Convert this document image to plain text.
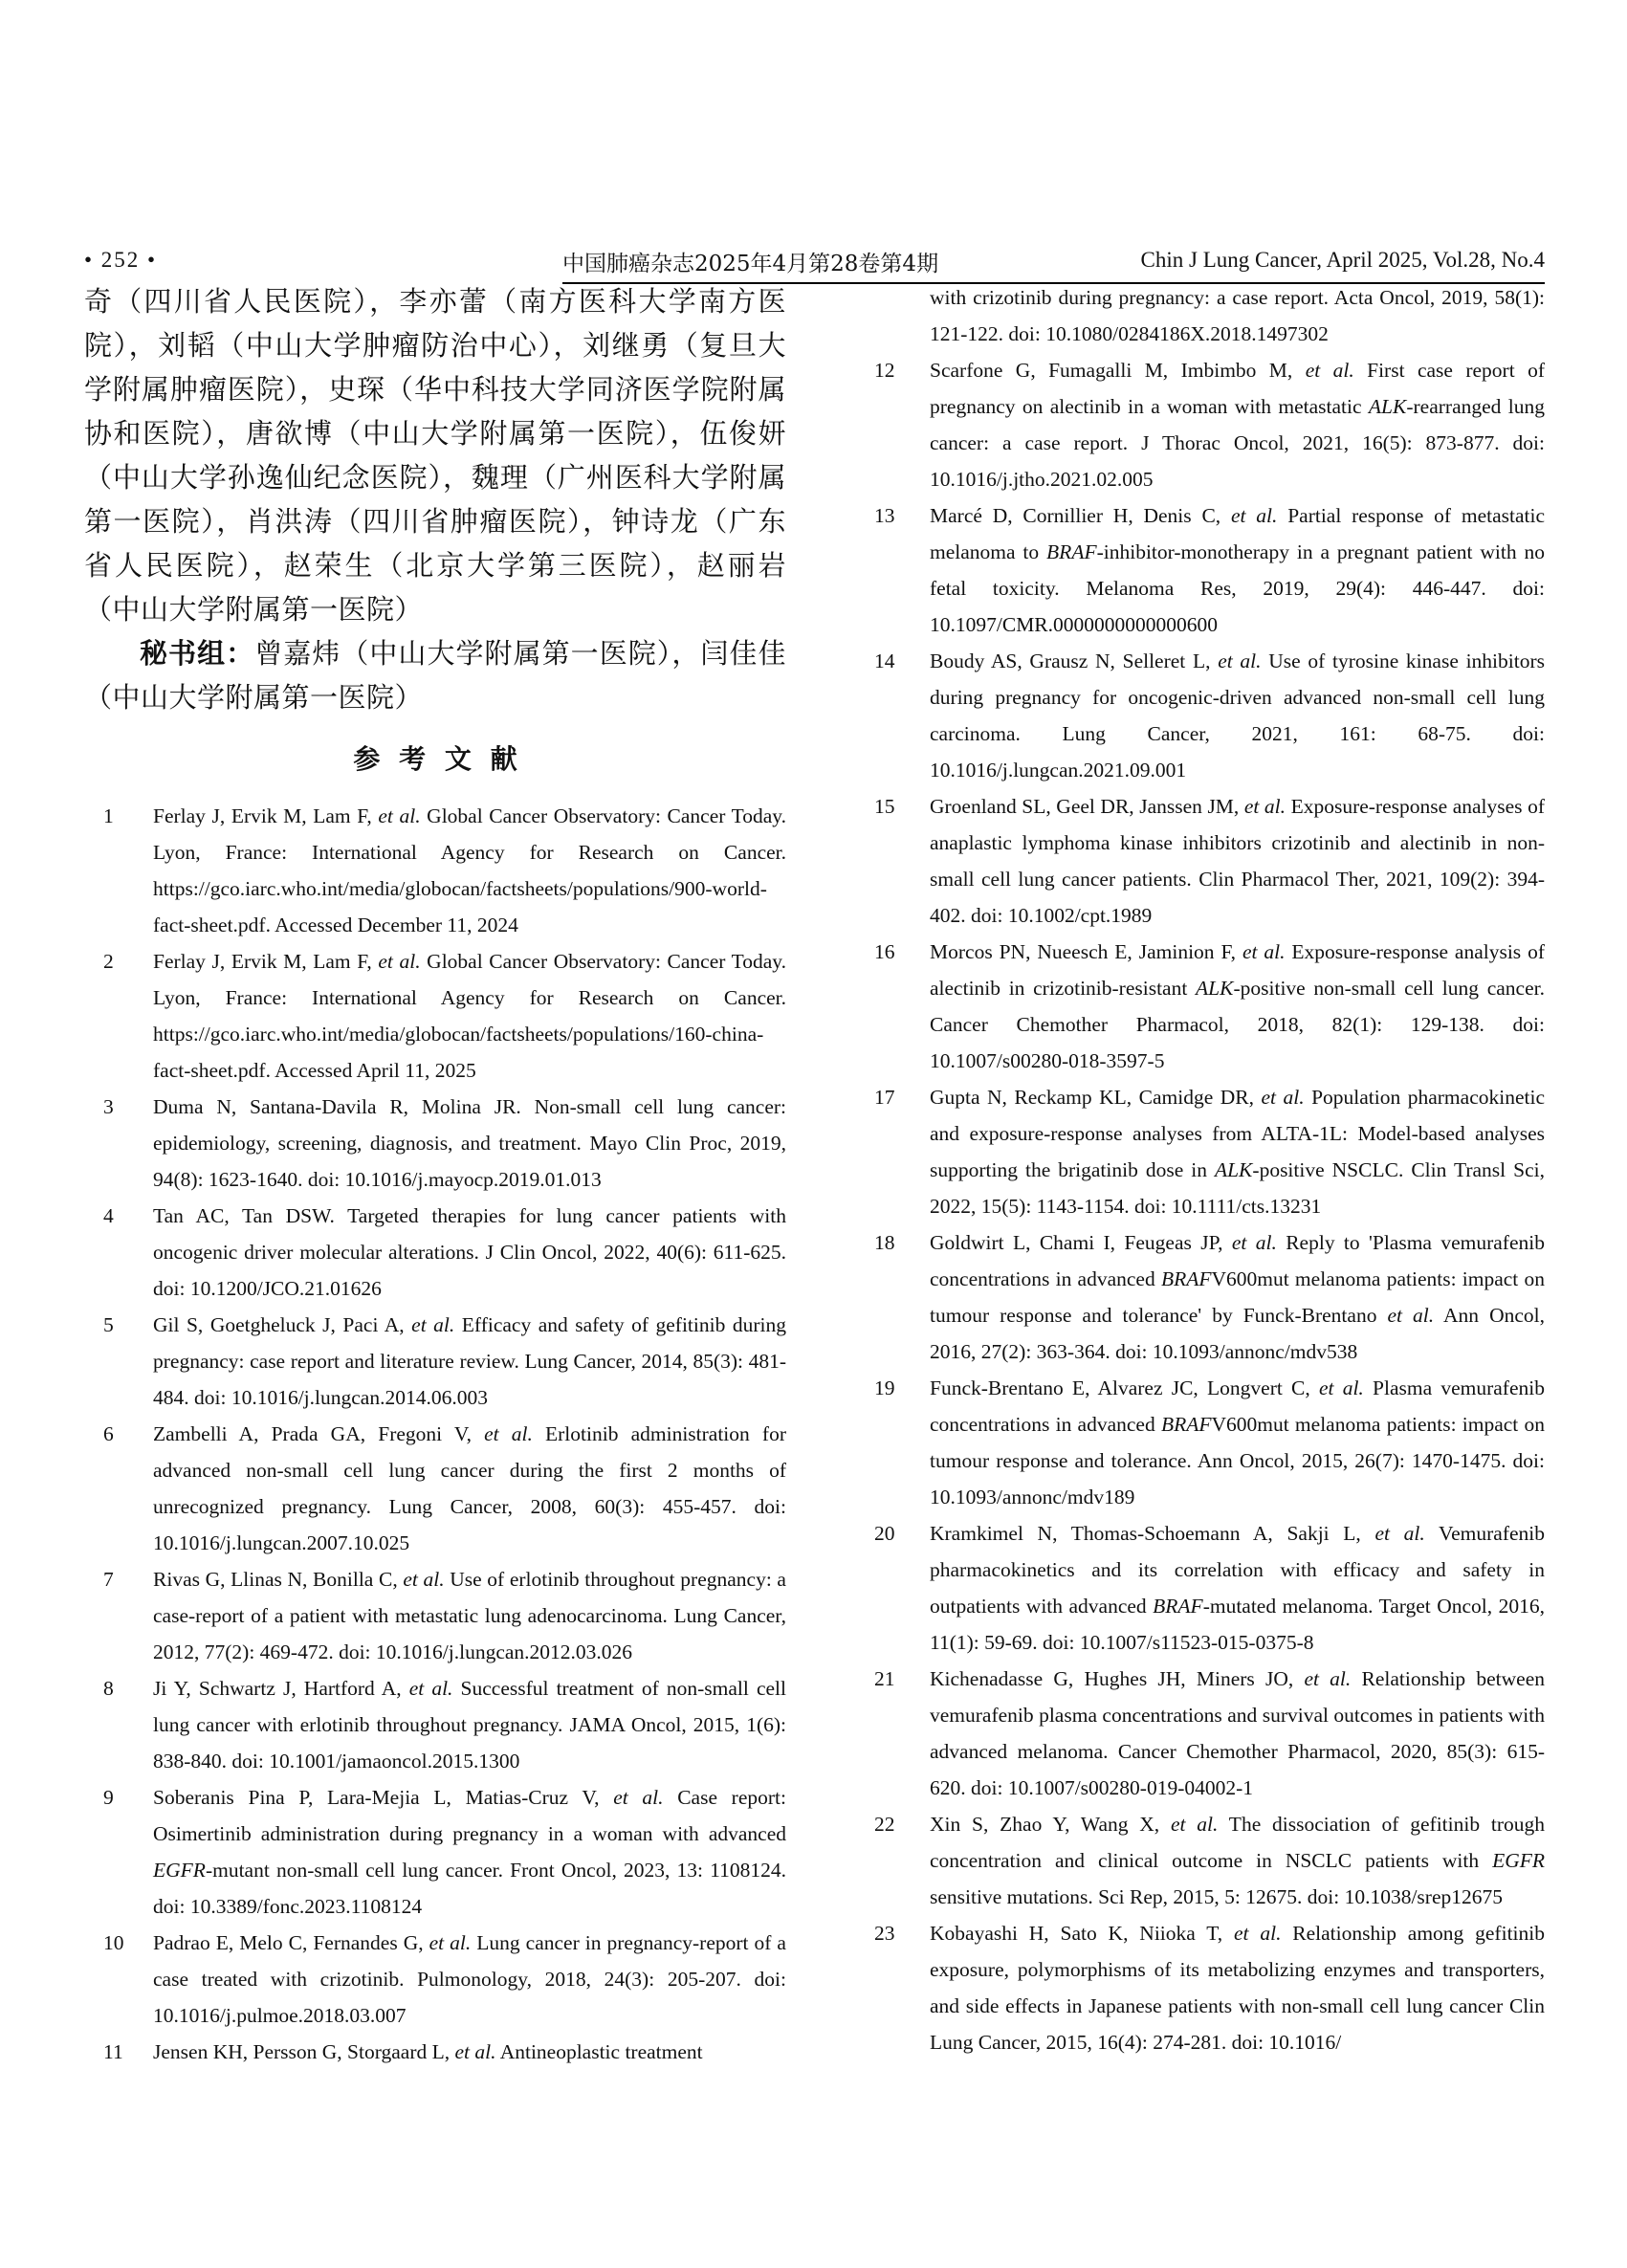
• 252 •	中国肺癌杂志2025年4月第28卷第4期	Chin J Lung Cancer, April 2025, Vol.28, No.4

奇（四川省人民医院），李亦蕾（南方医科大学南方医院），刘韬（中山大学肿瘤防治中心），刘继勇（复旦大学附属肿瘤医院），史琛（华中科技大学同济医学院附属协和医院），唐欲博（中山大学附属第一医院），伍俊妍（中山大学孙逸仙纪念医院），魏理（广州医科大学附属第一医院），肖洪涛（四川省肿瘤医院），钟诗龙（广东省人民医院），赵荣生（北京大学第三医院），赵丽岩（中山大学附属第一医院）

秘书组：曾嘉炜（中山大学附属第一医院），闫佳佳（中山大学附属第一医院）

参 考 文 献
1 Ferlay J, Ervik M, Lam F, et al. Global Cancer Observatory: Cancer Today. Lyon, France: International Agency for Research on Cancer. https://gco.iarc.who.int/media/globocan/factsheets/populations/900-world-fact-sheet.pdf. Accessed December 11, 2024
2 Ferlay J, Ervik M, Lam F, et al. Global Cancer Observatory: Cancer Today. Lyon, France: International Agency for Research on Cancer. https://gco.iarc.who.int/media/globocan/factsheets/populations/160-china-fact-sheet.pdf. Accessed April 11, 2025
3 Duma N, Santana-Davila R, Molina JR. Non-small cell lung cancer: epidemiology, screening, diagnosis, and treatment. Mayo Clin Proc, 2019, 94(8): 1623-1640. doi: 10.1016/j.mayocp.2019.01.013
4 Tan AC, Tan DSW. Targeted therapies for lung cancer patients with oncogenic driver molecular alterations. J Clin Oncol, 2022, 40(6): 611-625. doi: 10.1200/JCO.21.01626
5 Gil S, Goetgheluck J, Paci A, et al. Efficacy and safety of gefitinib during pregnancy: case report and literature review. Lung Cancer, 2014, 85(3): 481-484. doi: 10.1016/j.lungcan.2014.06.003
6 Zambelli A, Prada GA, Fregoni V, et al. Erlotinib administration for advanced non-small cell lung cancer during the first 2 months of unrecognized pregnancy. Lung Cancer, 2008, 60(3): 455-457. doi: 10.1016/j.lungcan.2007.10.025
7 Rivas G, Llinas N, Bonilla C, et al. Use of erlotinib throughout pregnancy: a case-report of a patient with metastatic lung adenocarcinoma. Lung Cancer, 2012, 77(2): 469-472. doi: 10.1016/j.lungcan.2012.03.026
8 Ji Y, Schwartz J, Hartford A, et al. Successful treatment of non-small cell lung cancer with erlotinib throughout pregnancy. JAMA Oncol, 2015, 1(6): 838-840. doi: 10.1001/jamaoncol.2015.1300
9 Soberanis Pina P, Lara-Mejia L, Matias-Cruz V, et al. Case report: Osimertinib administration during pregnancy in a woman with advanced EGFR-mutant non-small cell lung cancer. Front Oncol, 2023, 13: 1108124. doi: 10.3389/fonc.2023.1108124
10 Padrao E, Melo C, Fernandes G, et al. Lung cancer in pregnancy-report of a case treated with crizotinib. Pulmonology, 2018, 24(3): 205-207. doi: 10.1016/j.pulmoe.2018.03.007
11 Jensen KH, Persson G, Storgaard L, et al. Antineoplastic treatment
with crizotinib during pregnancy: a case report. Acta Oncol, 2019, 58(1): 121-122. doi: 10.1080/0284186X.2018.1497302
12 Scarfone G, Fumagalli M, Imbimbo M, et al. First case report of pregnancy on alectinib in a woman with metastatic ALK-rearranged lung cancer: a case report. J Thorac Oncol, 2021, 16(5): 873-877. doi: 10.1016/j.jtho.2021.02.005
13 Marcé D, Cornillier H, Denis C, et al. Partial response of metastatic melanoma to BRAF-inhibitor-monotherapy in a pregnant patient with no fetal toxicity. Melanoma Res, 2019, 29(4): 446-447. doi: 10.1097/CMR.0000000000000600
14 Boudy AS, Grausz N, Selleret L, et al. Use of tyrosine kinase inhibitors during pregnancy for oncogenic-driven advanced non-small cell lung carcinoma. Lung Cancer, 2021, 161: 68-75. doi: 10.1016/j.lungcan.2021.09.001
15 Groenland SL, Geel DR, Janssen JM, et al. Exposure-response analyses of anaplastic lymphoma kinase inhibitors crizotinib and alectinib in non-small cell lung cancer patients. Clin Pharmacol Ther, 2021, 109(2): 394-402. doi: 10.1002/cpt.1989
16 Morcos PN, Nueesch E, Jaminion F, et al. Exposure-response analysis of alectinib in crizotinib-resistant ALK-positive non-small cell lung cancer. Cancer Chemother Pharmacol, 2018, 82(1): 129-138. doi: 10.1007/s00280-018-3597-5
17 Gupta N, Reckamp KL, Camidge DR, et al. Population pharmacokinetic and exposure-response analyses from ALTA-1L: Model-based analyses supporting the brigatinib dose in ALK-positive NSCLC. Clin Transl Sci, 2022, 15(5): 1143-1154. doi: 10.1111/cts.13231
18 Goldwirt L, Chami I, Feugeas JP, et al. Reply to 'Plasma vemurafenib concentrations in advanced BRAFV600mut melanoma patients: impact on tumour response and tolerance' by Funck-Brentano et al. Ann Oncol, 2016, 27(2): 363-364. doi: 10.1093/annonc/mdv538
19 Funck-Brentano E, Alvarez JC, Longvert C, et al. Plasma vemurafenib concentrations in advanced BRAFV600mut melanoma patients: impact on tumour response and tolerance. Ann Oncol, 2015, 26(7): 1470-1475. doi: 10.1093/annonc/mdv189
20 Kramkimel N, Thomas-Schoemann A, Sakji L, et al. Vemurafenib pharmacokinetics and its correlation with efficacy and safety in outpatients with advanced BRAF-mutated melanoma. Target Oncol, 2016, 11(1): 59-69. doi: 10.1007/s11523-015-0375-8
21 Kichenadasse G, Hughes JH, Miners JO, et al. Relationship between vemurafenib plasma concentrations and survival outcomes in patients with advanced melanoma. Cancer Chemother Pharmacol, 2020, 85(3): 615-620. doi: 10.1007/s00280-019-04002-1
22 Xin S, Zhao Y, Wang X, et al. The dissociation of gefitinib trough concentration and clinical outcome in NSCLC patients with EGFR sensitive mutations. Sci Rep, 2015, 5: 12675. doi: 10.1038/srep12675
23 Kobayashi H, Sato K, Niioka T, et al. Relationship among gefitinib exposure, polymorphisms of its metabolizing enzymes and transporters, and side effects in Japanese patients with non-small cell lung cancer Clin Lung Cancer, 2015, 16(4): 274-281. doi: 10.1016/
